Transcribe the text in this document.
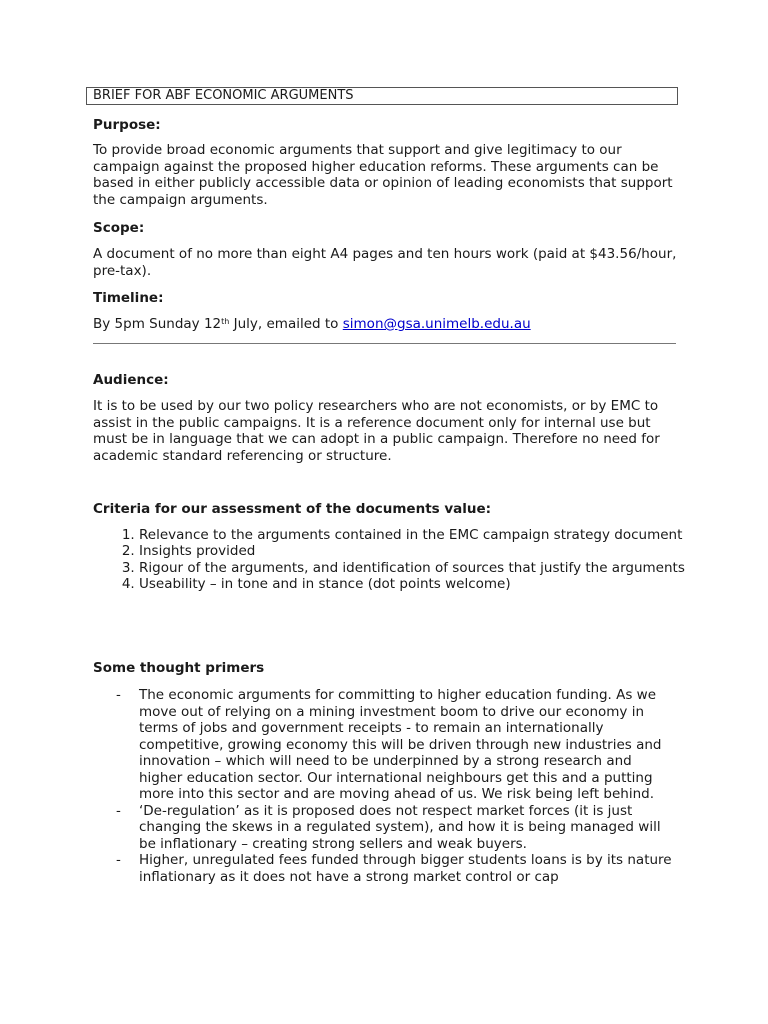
BRIEF FOR ABF ECONOMIC ARGUMENTS
Purpose:

To provide broad economic arguments that support and give legitimacy to our campaign against the proposed higher education reforms. These arguments can be based in either publicly accessible data or opinion of leading economists that support the campaign arguments.

Scope:

A document of no more than eight A4 pages and ten hours work (paid at $43.56/hour, pre-tax).

Timeline:

By 5pm Sunday 12th July, emailed to simon@gsa.unimelb.edu.au

Audience:

It is to be used by our two policy researchers who are not economists, or by EMC to assist in the public campaigns. It is a reference document only for internal use but must be in language that we can adopt in a public campaign. Therefore no need for academic standard referencing or structure.

Criteria for our assessment of the documents value:
1. Relevance to the arguments contained in the EMC campaign strategy document
2. Insights provided
3. Rigour of the arguments, and identification of sources that justify the arguments
4. Useability – in tone and in stance (dot points welcome)
Some thought primers
- The economic arguments for committing to higher education funding. As we move out of relying on a mining investment boom to drive our economy in terms of jobs and government receipts - to remain an internationally competitive, growing economy this will be driven through new industries and innovation – which will need to be underpinned by a strong research and higher education sector. Our international neighbours get this and a putting more into this sector and are moving ahead of us. We risk being left behind.
- ‘De-regulation’ as it is proposed does not respect market forces (it is just changing the skews in a regulated system), and how it is being managed will be inflationary – creating strong sellers and weak buyers.
- Higher, unregulated fees funded through bigger students loans is by its nature inflationary as it does not have a strong market control or cap
